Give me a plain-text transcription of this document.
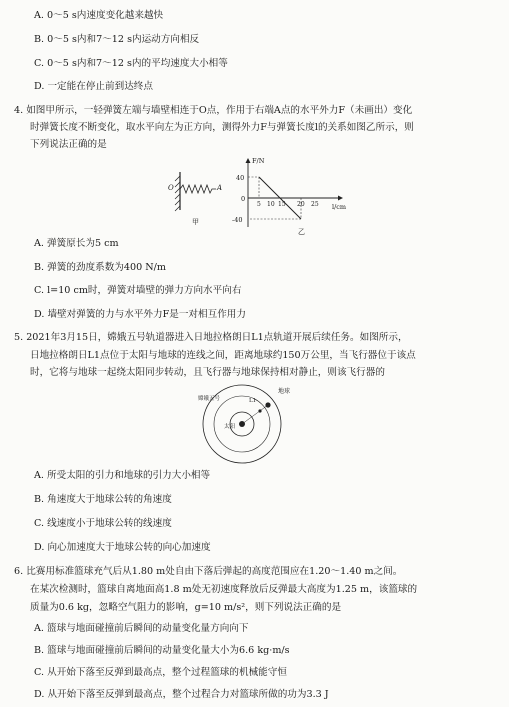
A. 0～5 s内速度变化越来越快
B. 0～5 s内和7～12 s内运动方向相反
C. 0～5 s内和7～12 s内的平均速度大小相等
D. 一定能在停止前到达终点
4. 如图甲所示，一轻弹簧左端与墙壁相连于O点，作用于右端A点的水平外力F（未画出）变化
时弹簧长度不断变化，取水平向左为正方向，测得外力F与弹簧长度l的关系如图乙所示，则
下列说法正确的是
O	A
甲
F/N
l/cm
40
0
-40
5 10 15 20 25
乙
A. 弹簧原长为5 cm
B. 弹簧的劲度系数为400 N/m
C. l=10 cm时，弹簧对墙壁的弹力方向水平向右
D. 墙壁对弹簧的力与水平外力F是一对相互作用力
5. 2021年3月15日，嫦娥五号轨道器进入日地拉格朗日L1点轨道开展后续任务。如图所示，
日地拉格朗日L1点位于太阳与地球的连线之间，距离地球约150万公里，当飞行器位于该点
时，它将与地球一起绕太阳同步转动，且飞行器与地球保持相对静止，则该飞行器的
地球
嫦娥五号	L1
太阳
A. 所受太阳的引力和地球的引力大小相等
B. 角速度大于地球公转的角速度
C. 线速度小于地球公转的线速度
D. 向心加速度大于地球公转的向心加速度
6. 比赛用标准篮球充气后从1.80 m处自由下落后弹起的高度范围应在1.20～1.40 m之间。
在某次检测时，篮球自离地面高1.8 m处无初速度释放后反弹最大高度为1.25 m，该篮球的
质量为0.6 kg，忽略空气阻力的影响，g=10 m/s²，则下列说法正确的是
A. 篮球与地面碰撞前后瞬间的动量变化量方向向下
B. 篮球与地面碰撞前后瞬间的动量变化量大小为6.6 kg·m/s
C. 从开始下落至反弹到最高点，整个过程篮球的机械能守恒
D. 从开始下落至反弹到最高点，整个过程合力对篮球所做的功为3.3 J
